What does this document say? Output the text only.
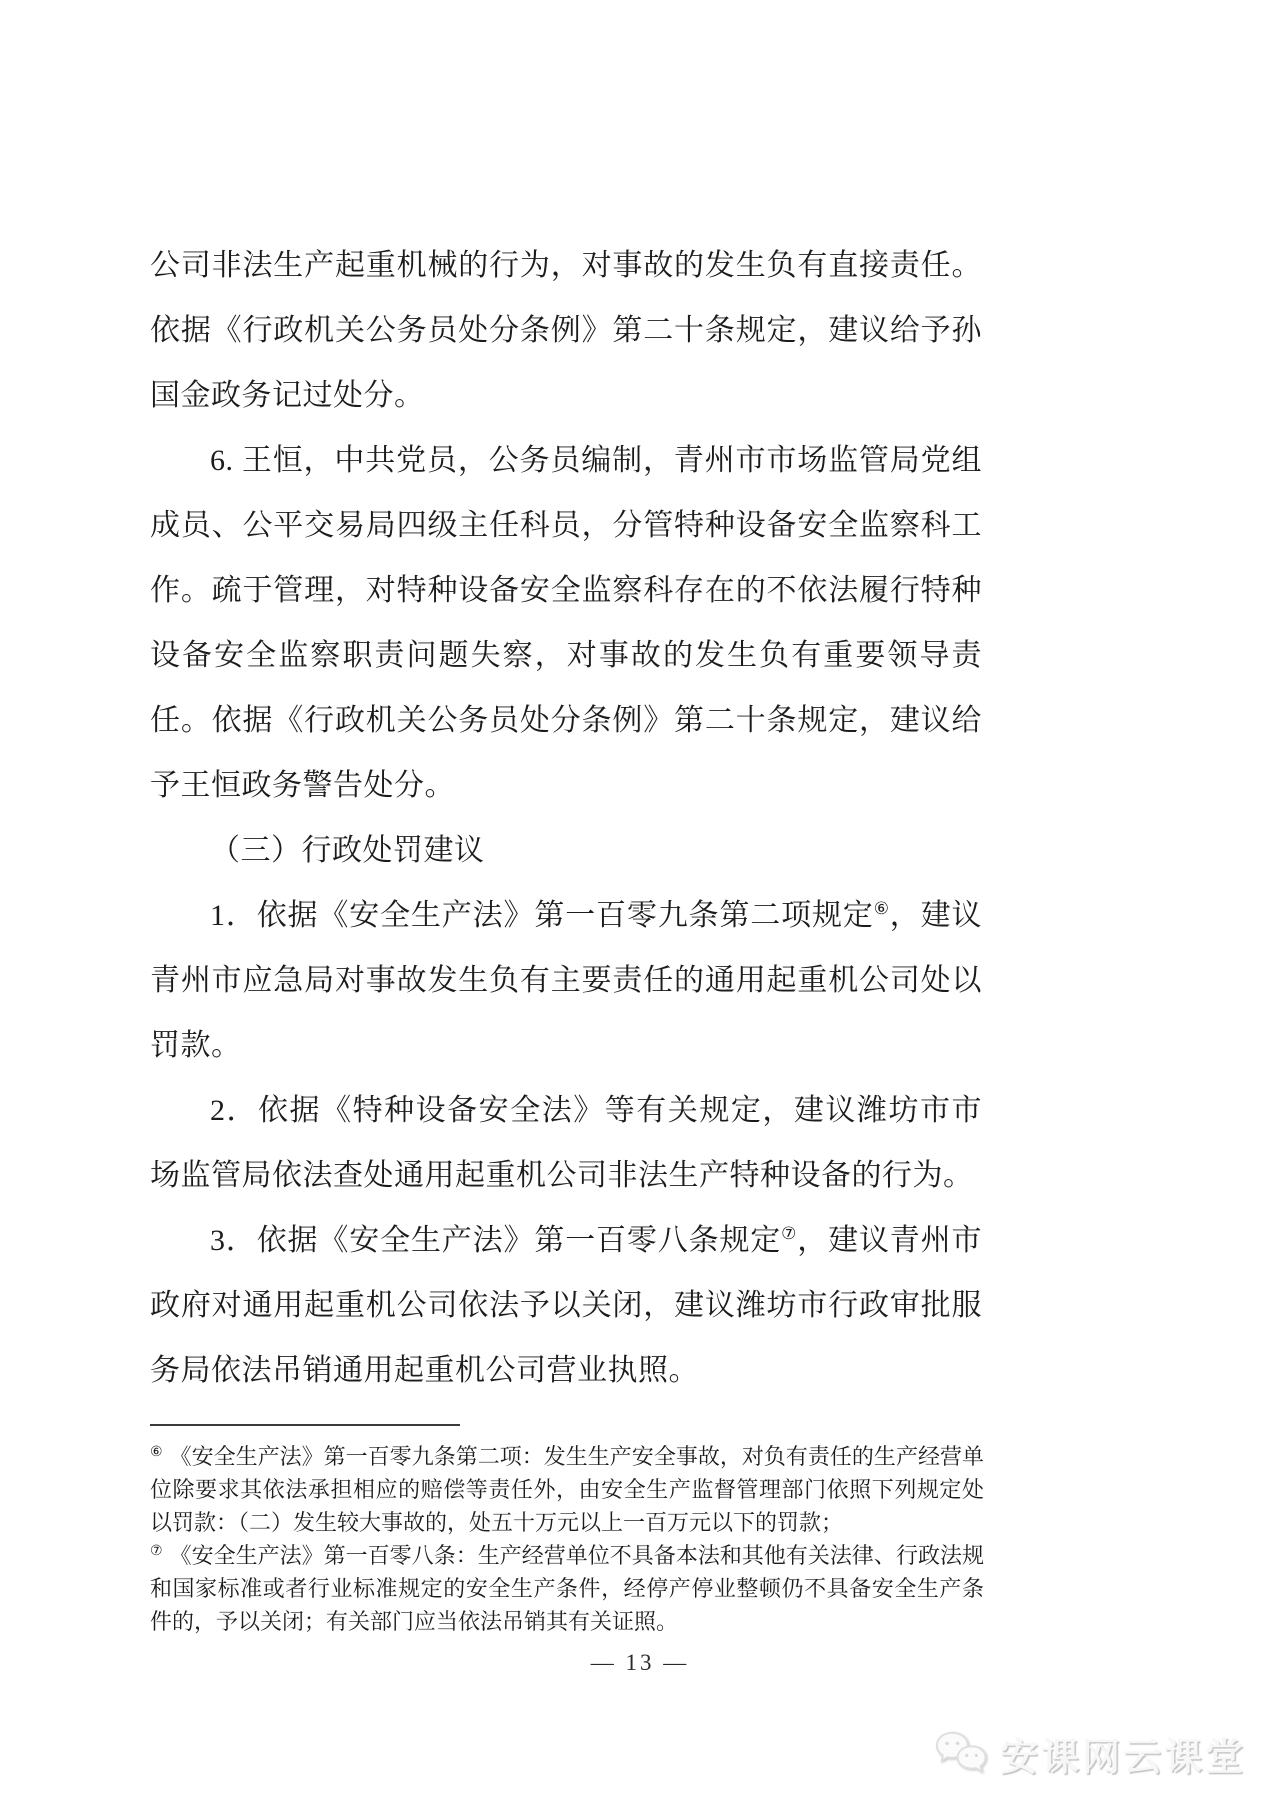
公司非法生产起重机械的行为，对事故的发生负有直接责任。依据《行政机关公务员处分条例》第二十条规定，建议给予孙国金政务记过处分。

6. 王恒，中共党员，公务员编制，青州市市场监管局党组成员、公平交易局四级主任科员，分管特种设备安全监察科工作。疏于管理，对特种设备安全监察科存在的不依法履行特种设备安全监察职责问题失察，对事故的发生负有重要领导责任。依据《行政机关公务员处分条例》第二十条规定，建议给予王恒政务警告处分。

（三）行政处罚建议

1．依据《安全生产法》第一百零九条第二项规定⑥，建议青州市应急局对事故发生负有主要责任的通用起重机公司处以罚款。

2．依据《特种设备安全法》等有关规定，建议潍坊市市场监管局依法查处通用起重机公司非法生产特种设备的行为。

3．依据《安全生产法》第一百零八条规定⑦，建议青州市政府对通用起重机公司依法予以关闭，建议潍坊市行政审批服务局依法吊销通用起重机公司营业执照。

⑥ 《安全生产法》第一百零九条第二项：发生生产安全事故，对负有责任的生产经营单位除要求其依法承担相应的赔偿等责任外，由安全生产监督管理部门依照下列规定处以罚款：（二）发生较大事故的，处五十万元以上一百万元以下的罚款；

⑦ 《安全生产法》第一百零八条：生产经营单位不具备本法和其他有关法律、行政法规和国家标准或者行业标准规定的安全生产条件，经停产停业整顿仍不具备安全生产条件的，予以关闭；有关部门应当依法吊销其有关证照。

— 13 —
安课网云课堂
